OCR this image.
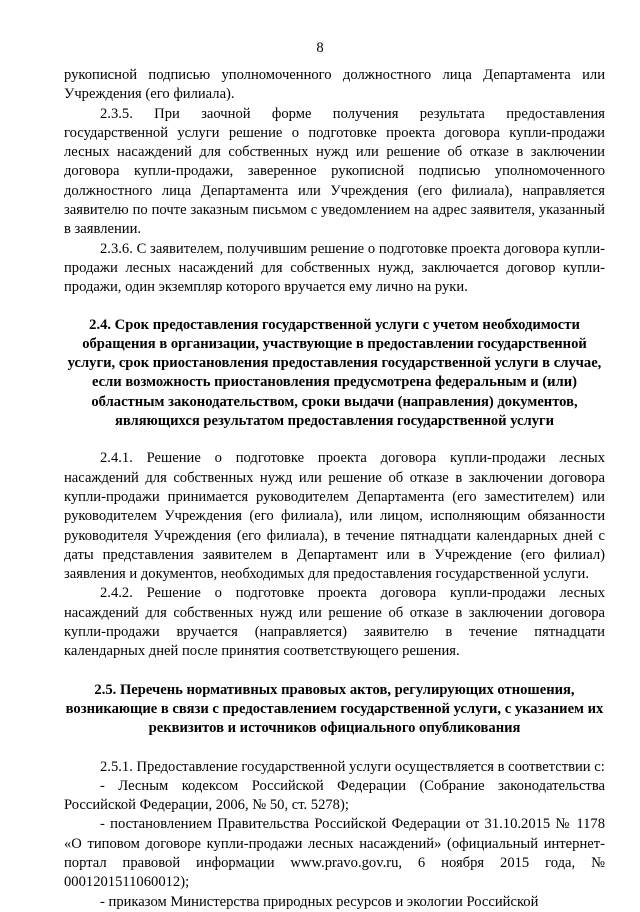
8

рукописной подписью уполномоченного должностного лица Департамента или Учреждения (его филиала).

2.3.5. При заочной форме получения результата предоставления государственной услуги решение о подготовке проекта договора купли-продажи лесных насаждений для собственных нужд или решение об отказе в заключении договора купли-продажи, заверенное рукописной подписью уполномоченного должностного лица Департамента или Учреждения (его филиала), направляется заявителю по почте заказным письмом с уведомлением на адрес заявителя, указанный в заявлении.

2.3.6. С заявителем, получившим решение о подготовке проекта договора купли-продажи лесных насаждений для собственных нужд, заключается договор купли-продажи, один экземпляр которого вручается ему лично на руки.

2.4. Срок предоставления государственной услуги с учетом необходимости обращения в организации, участвующие в предоставлении государственной услуги, срок приостановления предоставления государственной услуги в случае, если возможность приостановления предусмотрена федеральным и (или) областным законодательством, сроки выдачи (направления) документов, являющихся результатом предоставления государственной услуги

2.4.1. Решение о подготовке проекта договора купли-продажи лесных насаждений для собственных нужд или решение об отказе в заключении договора купли-продажи принимается руководителем Департамента (его заместителем) или руководителем Учреждения (его филиала), или лицом, исполняющим обязанности руководителя Учреждения (его филиала), в течение пятнадцати календарных дней с даты представления заявителем в Департамент или в Учреждение (его филиал) заявления и документов, необходимых для предоставления государственной услуги.

2.4.2. Решение о подготовке проекта договора купли-продажи лесных насаждений для собственных нужд или решение об отказе в заключении договора купли-продажи вручается (направляется) заявителю в течение пятнадцати календарных дней после принятия соответствующего решения.

2.5. Перечень нормативных правовых актов, регулирующих отношения, возникающие в связи с предоставлением государственной услуги, с указанием их реквизитов и источников официального опубликования

2.5.1. Предоставление государственной услуги осуществляется в соответствии с:

- Лесным кодексом Российской Федерации (Собрание законодательства Российской Федерации, 2006, № 50, ст. 5278);

- постановлением Правительства Российской Федерации от 31.10.2015 № 1178 «О типовом договоре купли-продажи лесных насаждений» (официальный интернет-портал правовой информации www.pravo.gov.ru, 6 ноября 2015 года, № 0001201511060012);

- приказом Министерства природных ресурсов и экологии Российской
